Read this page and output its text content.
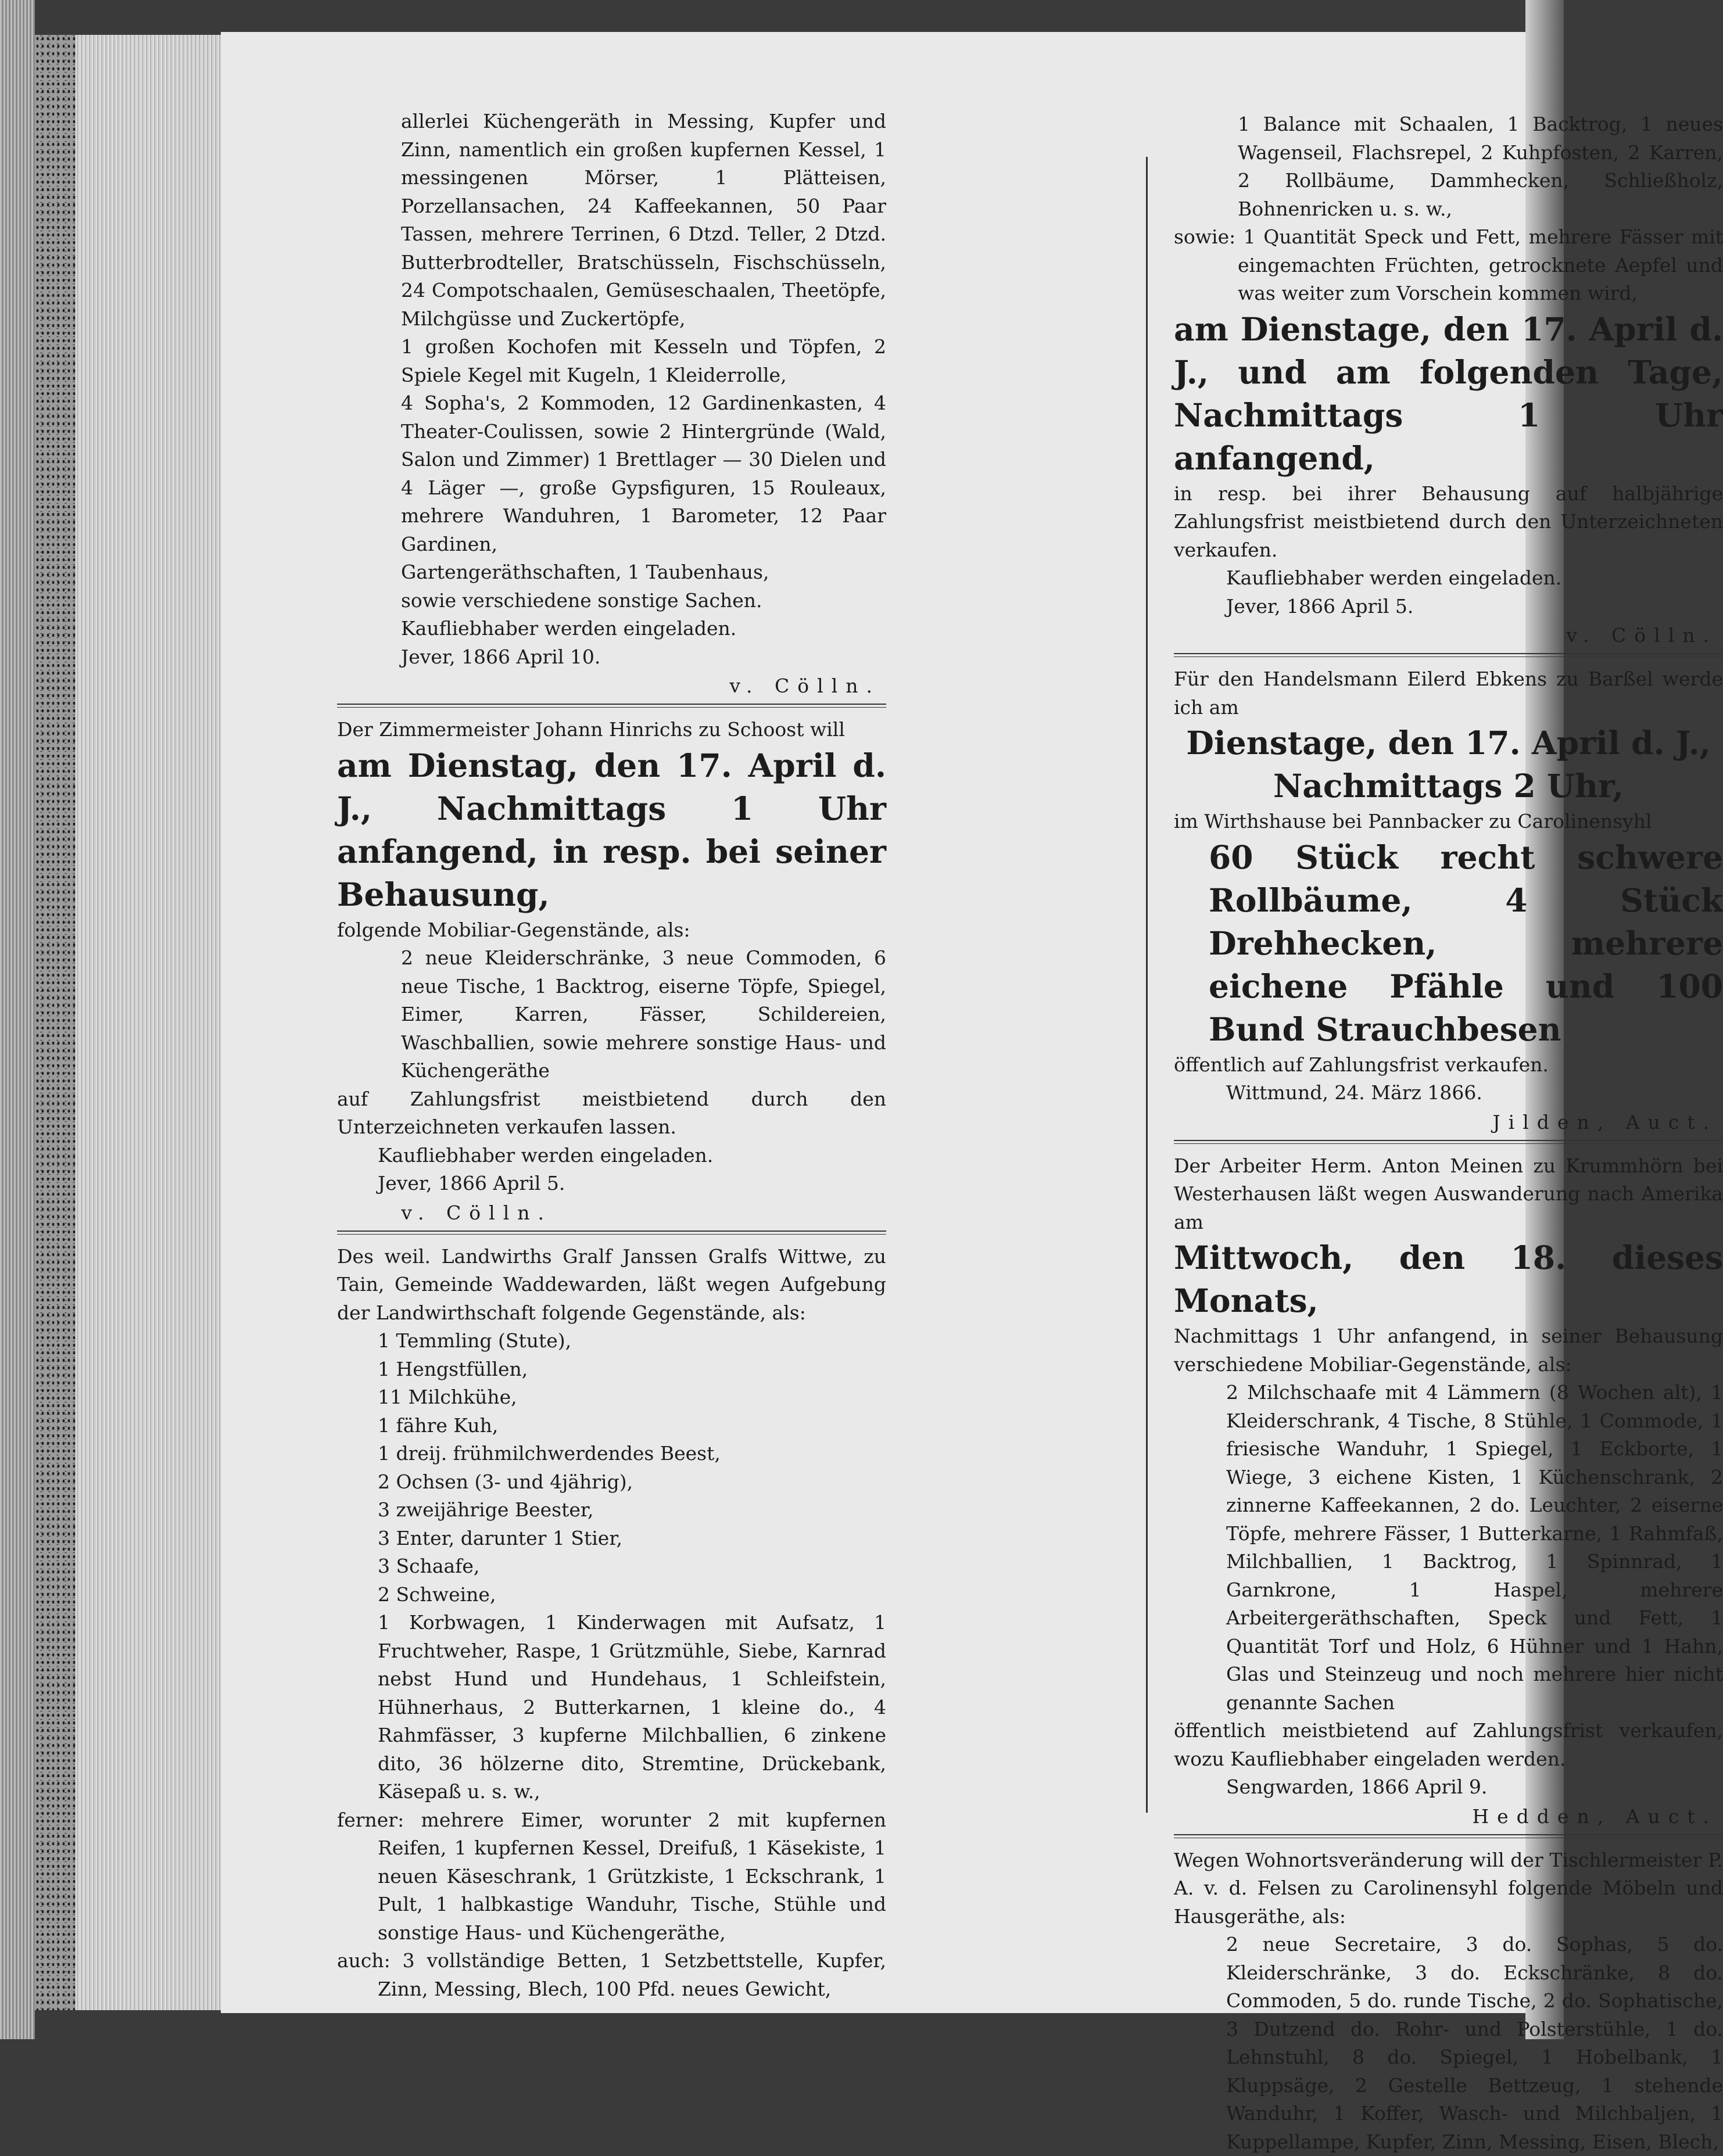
allerlei Küchengeräth in Messing, Kupfer und Zinn, namentlich ein großen kupfernen Kessel, 1 messingenen Mörser, 1 Plätteisen, Porzellansachen, 24 Kaffeekannen, 50 Paar Tassen, mehrere Terrinen, 6 Dtzd. Teller, 2 Dtzd. Butterbrodteller, Bratschüsseln, Fischschüsseln, 24 Compotschaalen, Gemüseschaalen, Theetöpfe, Milchgüsse und Zuckertöpfe,

1 großen Kochofen mit Kesseln und Töpfen, 2 Spiele Kegel mit Kugeln, 1 Kleiderrolle,

4 Sopha's, 2 Kommoden, 12 Gardinenkasten, 4 Theater-Coulissen, sowie 2 Hintergründe (Wald, Salon und Zimmer) 1 Brettlager — 30 Dielen und 4 Läger —, große Gypsfiguren, 15 Rouleaux, mehrere Wanduhren, 1 Barometer, 12 Paar Gardinen,

Gartengeräthschaften, 1 Taubenhaus,

sowie verschiedene sonstige Sachen.

Kaufliebhaber werden eingeladen.

Jever, 1866 April 10.

v. Cölln.

Der Zimmermeister Johann Hinrichs zu Schoost will

am Dienstag, den 17. April d. J., Nachmittags 1 Uhr anfangend, in resp. bei seiner Behausung,

folgende Mobiliar-Gegenstände, als:

2 neue Kleiderschränke, 3 neue Commoden, 6 neue Tische, 1 Backtrog, eiserne Töpfe, Spiegel, Eimer, Karren, Fässer, Schildereien, Waschballien, sowie mehrere sonstige Haus- und Küchengeräthe

auf Zahlungsfrist meistbietend durch den Unterzeichneten verkaufen lassen.

Kaufliebhaber werden eingeladen.

Jever, 1866 April 5.

v. Cölln.

Des weil. Landwirths Gralf Janssen Gralfs Wittwe, zu Tain, Gemeinde Waddewarden, läßt wegen Aufgebung der Landwirthschaft folgende Gegenstände, als:

1 Temmling (Stute),

1 Hengstfüllen,

11 Milchkühe,

1 fähre Kuh,

1 dreij. frühmilchwerdendes Beest,

2 Ochsen (3- und 4jährig),

3 zweijährige Beester,

3 Enter, darunter 1 Stier,

3 Schaafe,

2 Schweine,

1 Korbwagen, 1 Kinderwagen mit Aufsatz, 1 Fruchtweher, Raspe, 1 Grützmühle, Siebe, Karnrad nebst Hund und Hundehaus, 1 Schleifstein, Hühnerhaus, 2 Butterkarnen, 1 kleine do., 4 Rahmfässer, 3 kupferne Milchballien, 6 zinkene dito, 36 hölzerne dito, Stremtine, Drückebank, Käsepaß u. s. w.,

ferner: mehrere Eimer, worunter 2 mit kupfernen Reifen, 1 kupfernen Kessel, Dreifuß, 1 Käsekiste, 1 neuen Käseschrank, 1 Grützkiste, 1 Eckschrank, 1 Pult, 1 halbkastige Wanduhr, Tische, Stühle und sonstige Haus- und Küchengeräthe,

auch: 3 vollständige Betten, 1 Setzbettstelle, Kupfer, Zinn, Messing, Blech, 100 Pfd. neues Gewicht,

1 Balance mit Schaalen, 1 Backtrog, 1 neues Wagenseil, Flachsrepel, 2 Kuhpfosten, 2 Karren, 2 Rollbäume, Dammhecken, Schließholz, Bohnenricken u. s. w.,

sowie: 1 Quantität Speck und Fett, mehrere Fässer mit eingemachten Früchten, getrocknete Aepfel und was weiter zum Vorschein kommen wird,

am Dienstage, den 17. April d. J., und am folgenden Tage, Nachmittags 1 Uhr anfangend,

in resp. bei ihrer Behausung auf halbjährige Zahlungsfrist meistbietend durch den Unterzeichneten verkaufen.

Kaufliebhaber werden eingeladen.

Jever, 1866 April 5.

v. Cölln.

Für den Handelsmann Eilerd Ebkens zu Barßel werde ich am

Dienstage, den 17. April d. J., Nachmittags 2 Uhr,

im Wirthshause bei Pannbacker zu Carolinensyhl

60 Stück recht schwere Rollbäume, 4 Stück Drehhecken, mehrere eichene Pfähle und 100 Bund Strauchbesen

öffentlich auf Zahlungsfrist verkaufen.

Wittmund, 24. März 1866.

Jilden, Auct.

Der Arbeiter Herm. Anton Meinen zu Krummhörn bei Westerhausen läßt wegen Auswanderung nach Amerika am

Mittwoch, den 18. dieses Monats,

Nachmittags 1 Uhr anfangend, in seiner Behausung verschiedene Mobiliar-Gegenstände, als:

2 Milchschaafe mit 4 Lämmern (8 Wochen alt), 1 Kleiderschrank, 4 Tische, 8 Stühle, 1 Commode, 1 friesische Wanduhr, 1 Spiegel, 1 Eckborte, 1 Wiege, 3 eichene Kisten, 1 Küchenschrank, 2 zinnerne Kaffeekannen, 2 do. Leuchter, 2 eiserne Töpfe, mehrere Fässer, 1 Butterkarne, 1 Rahmfaß, Milchballien, 1 Backtrog, 1 Spinnrad, 1 Garnkrone, 1 Haspel, mehrere Arbeitergeräthschaften, Speck und Fett, 1 Quantität Torf und Holz, 6 Hühner und 1 Hahn, Glas und Steinzeug und noch mehrere hier nicht genannte Sachen

öffentlich meistbietend auf Zahlungsfrist verkaufen, wozu Kaufliebhaber eingeladen werden.

Sengwarden, 1866 April 9.

Hedden, Auct.

Wegen Wohnortsveränderung will der Tischlermeister P. A. v. d. Felsen zu Carolinensyhl folgende Möbeln und Hausgeräthe, als:

2 neue Secretaire, 3 do. Sophas, 5 do. Kleiderschränke, 3 do. Eckschränke, 8 do. Commoden, 5 do. runde Tische, 2 do. Sophatische, 3 Dutzend do. Rohr- und Polsterstühle, 1 do. Lehnstuhl, 8 do. Spiegel, 1 Hobelbank, 1 Kluppsäge, 2 Gestelle Bettzeug, 1 stehende Wanduhr, 1 Koffer, Wasch- und Milchbaljen, 1 Kuppellampe, Kupfer, Zinn, Messing, Eisen, Blech,
